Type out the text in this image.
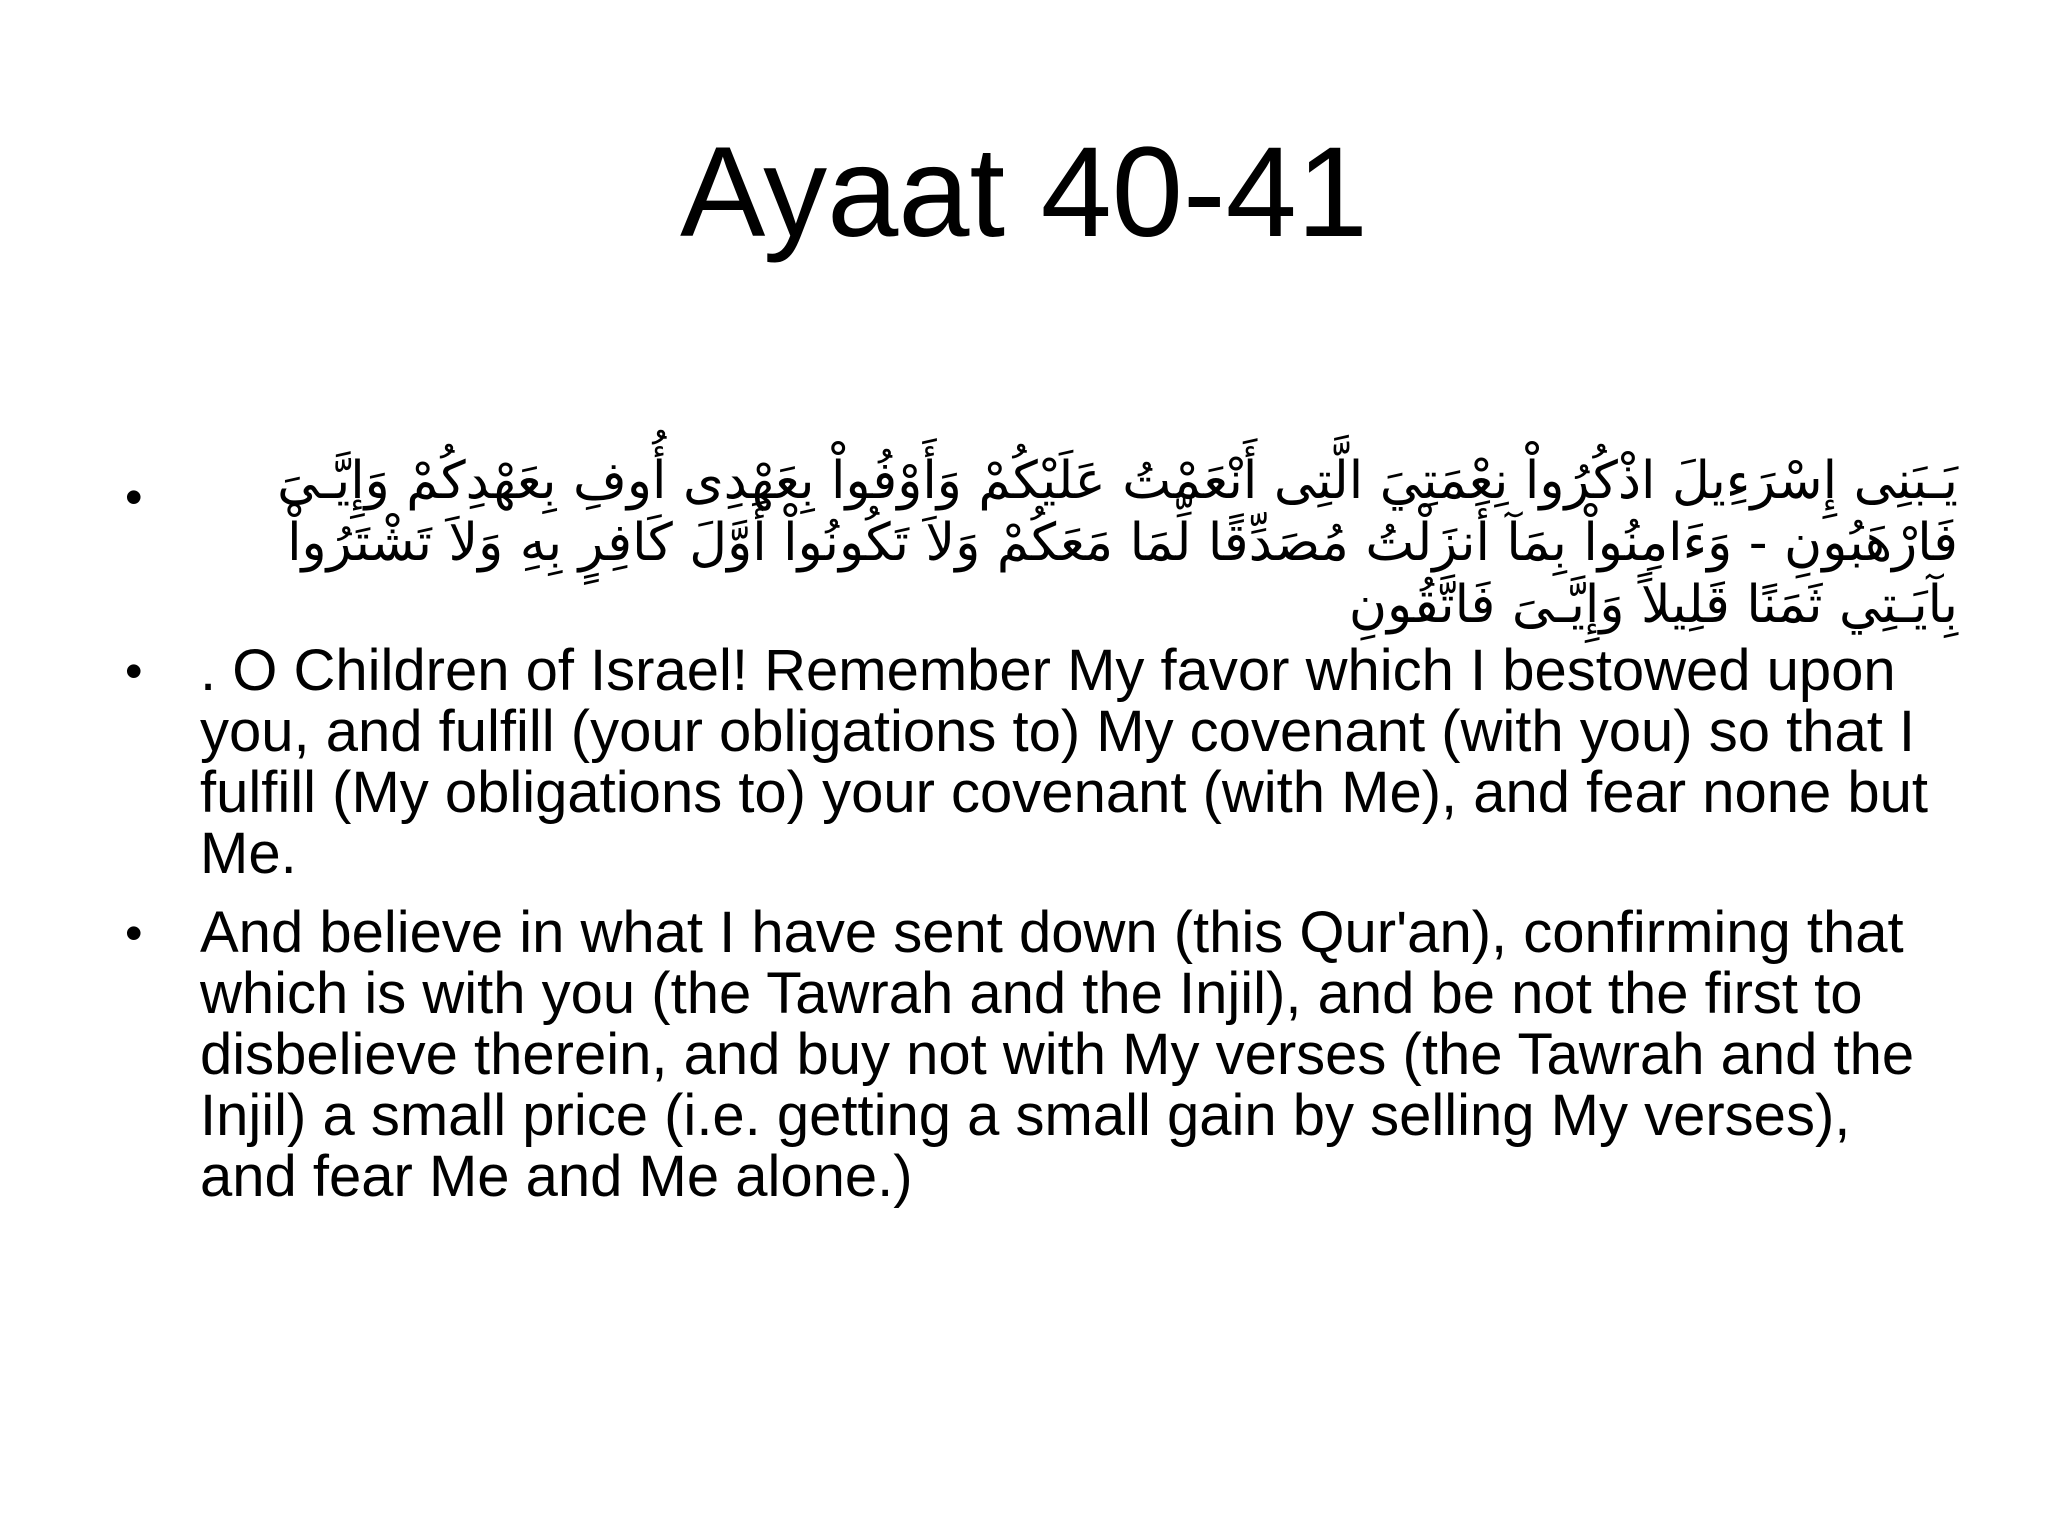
Ayaat 40-41
•	يَـبَنِى إِسْرَءِيلَ اذْكُرُواْ نِعْمَتِيَ الَّتِى أَنْعَمْتُ عَلَيْكُمْ وَأَوْفُواْ بِعَهْدِى أُوفِ بِعَهْدِكُمْ وَإِيَّـىَ فَارْهَبُونِ - وَءَامِنُواْ بِمَآ أَنزَلْتُ مُصَدِّقًا لِّمَا مَعَكُمْ وَلاَ تَكُونُواْ أَوَّلَ كَافِرٍ بِهِ وَلاَ تَشْتَرُواْ بِآيَـتِي ثَمَنًا قَلِيلاً وَإِيَّـىَ فَاتَّقُونِ
• . O Children of Israel! Remember My favor which I bestowed upon you, and fulfill (your obligations to) My covenant (with you) so that I fulfill (My obligations to) your covenant (with Me), and fear none but Me.
• And believe in what I have sent down (this Qur'an), confirming that which is with you (the Tawrah and the Injil), and be not the first to disbelieve therein, and buy not with My verses (the Tawrah and the Injil) a small price (i.e. getting a small gain by selling My verses), and fear Me and Me alone.)
